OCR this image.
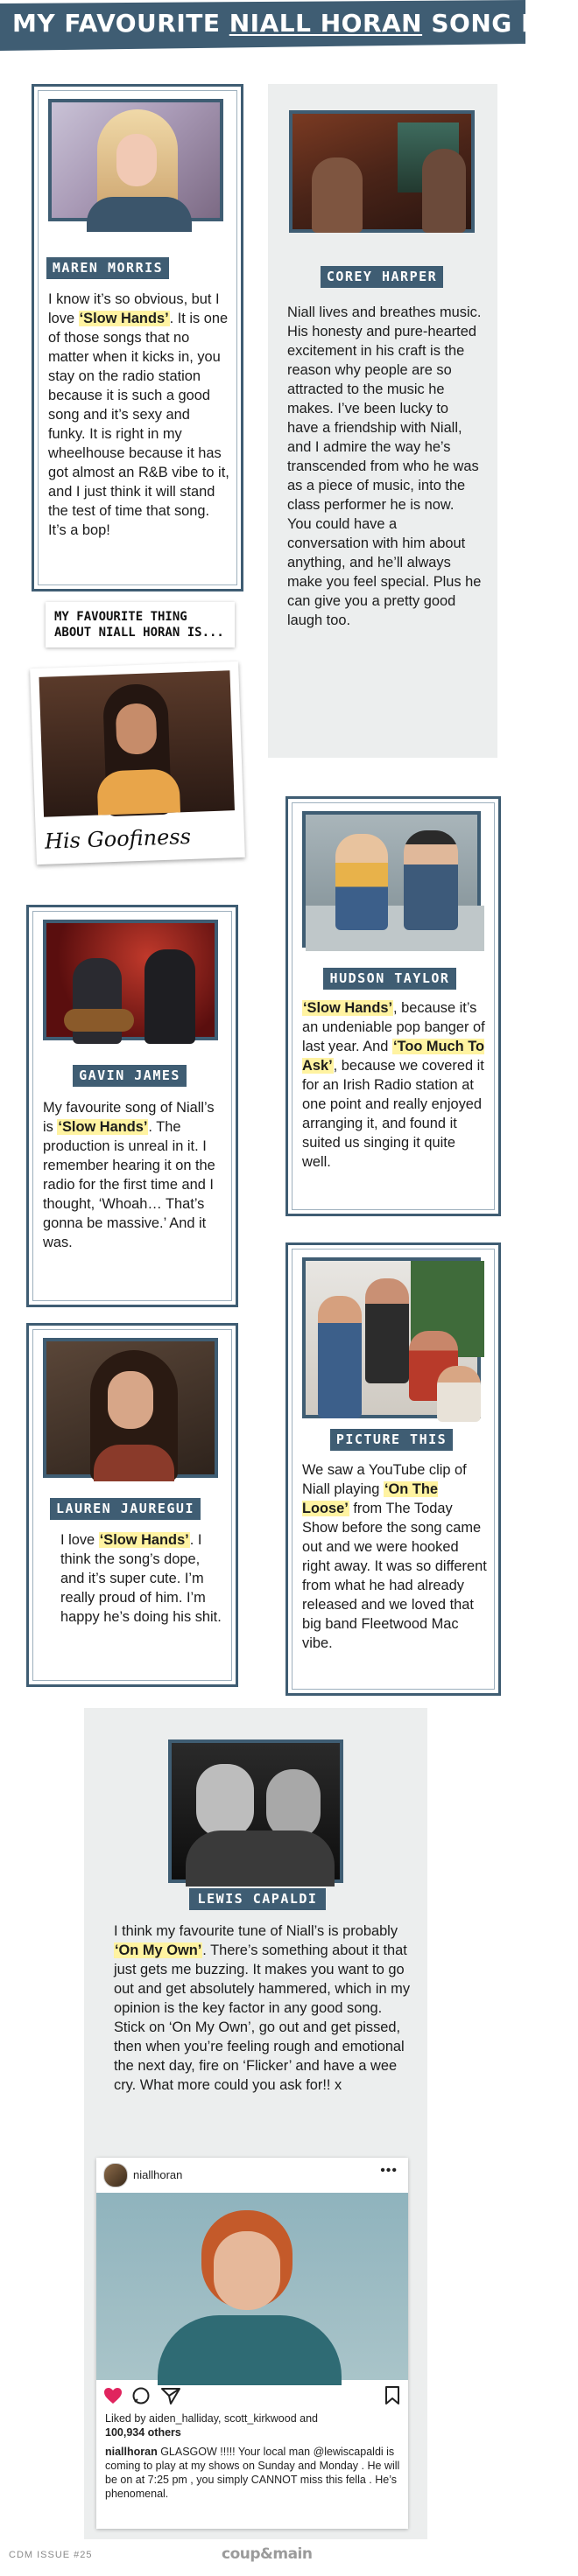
MY FAVOURITE NIALL HORAN SONG IS...
MAREN MORRIS
I know it’s so obvious, but I love ‘Slow Hands’. It is one of those songs that no matter when it kicks in, you stay on the radio station because it is such a good song and it’s sexy and funky. It is right in my wheelhouse because it has got almost an R&B vibe to it, and I just think it will stand the test of time that song. It’s a bop!
MY FAVOURITE THING ABOUT NIALL HORAN IS...
His Goofiness
COREY HARPER
Niall lives and breathes music. His honesty and pure-hearted excitement in his craft is the reason why people are so attracted to the music he makes. I’ve been lucky to have a friendship with Niall, and I admire the way he’s transcended from who he was as a piece of music, into the class performer he is now. You could have a conversation with him about anything, and he’ll always make you feel special. Plus he can give you a pretty good laugh too.
HUDSON TAYLOR
‘Slow Hands’, because it’s an undeniable pop banger of last year. And ‘Too Much To Ask’, because we covered it for an Irish Radio station at one point and really enjoyed arranging it, and found it suited us singing it quite well.
GAVIN JAMES
My favourite song of Niall’s is ‘Slow Hands’. The production is unreal in it. I remember hearing it on the radio for the first time and I thought, ‘Whoah… That’s gonna be massive.’ And it was.
PICTURE THIS
We saw a YouTube clip of Niall playing ‘On The Loose’ from The Today Show before the song came out and we were hooked right away. It was so different from what he had already released and we loved that big band Fleetwood Mac vibe.
LAUREN JAUREGUI
I love ‘Slow Hands’. I think the song’s dope, and it’s super cute. I’m really proud of him. I’m happy he’s doing his shit.
LEWIS CAPALDI
I think my favourite tune of Niall’s is probably ‘On My Own’. There’s something about it that just gets me buzzing. It makes you want to go out and get absolutely hammered, which in my opinion is the key factor in any good song. Stick on ‘On My Own’, go out and get pissed, then when you’re feeling rough and emotional the next day, fire on ‘Flicker’ and have a wee cry. What more could you ask for!! x
niallhoran	•••
Liked by aiden_halliday, scott_kirkwood and
100,934 others
niallhoran GLASGOW !!!!! Your local man @lewiscapaldi is coming to play at my shows on Sunday and Monday . He will be on at 7:25 pm , you simply CANNOT miss this fella . He’s phenomenal.
CDM ISSUE #25	coup&main
